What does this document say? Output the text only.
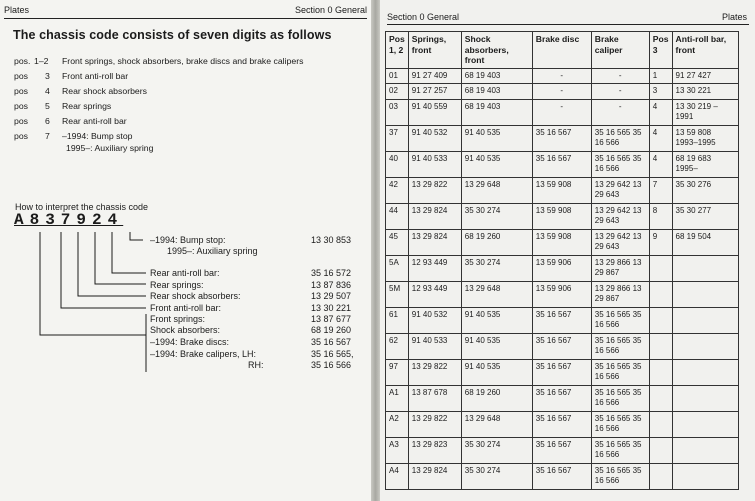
Plates	Section 0 General
The chassis code consists of seven digits as follows
pos. 1–2	Front springs, shock absorbers, brake discs and brake calipers
pos	3	Front anti-roll bar
pos	4	Rear shock absorbers
pos	5	Rear springs
pos	6	Rear anti-roll bar
pos	7	–1994: Bump stop
1995–: Auxiliary spring
How to interpret the chassis code
A837924
–1994: Bump stop:	13 30 853
1995–: Auxiliary spring
Rear anti-roll bar:	35 16 572
Rear springs:	13 87 836
Rear shock absorbers:	13 29 507
Front anti-roll bar:	13 30 221
Front springs:	13 87 677
Shock absorbers:	68 19 260
–1994: Brake discs:	35 16 567
–1994: Brake calipers, LH:	35 16 565,
RH:	35 16 566
Section 0 General	Plates
Pos 1, 2	Springs, front	Shock absorbers, front	Brake disc	Brake caliper	Pos 3	Anti-roll bar, front
01	91 27 409	68 19 403	-	-	1	91 27 427
02	91 27 257	68 19 403	-	-	3	13 30 221
03	91 40 559	68 19 403	-	-	4	13 30 219 –1991
37	91 40 532	91 40 535	35 16 567	35 16 565 35 16 566	4	13 59 808 1993–1995
40	91 40 533	91 40 535	35 16 567	35 16 565 35 16 566	4	68 19 683 1995–
42	13 29 822	13 29 648	13 59 908	13 29 642 13 29 643	7	35 30 276
44	13 29 824	35 30 274	13 59 908	13 29 642 13 29 643	8	35 30 277
45	13 29 824	68 19 260	13 59 908	13 29 642 13 29 643	9	68 19 504
5A	12 93 449	35 30 274	13 59 906	13 29 866 13 29 867		
5M	12 93 449	13 29 648	13 59 906	13 29 866 13 29 867		
61	91 40 532	91 40 535	35 16 567	35 16 565 35 16 566		
62	91 40 533	91 40 535	35 16 567	35 16 565 35 16 566		
97	13 29 822	91 40 535	35 16 567	35 16 565 35 16 566		
A1	13 87 678	68 19 260	35 16 567	35 16 565 35 16 566		
A2	13 29 822	13 29 648	35 16 567	35 16 565 35 16 566		
A3	13 29 823	35 30 274	35 16 567	35 16 565 35 16 566		
A4	13 29 824	35 30 274	35 16 567	35 16 565 35 16 566		
